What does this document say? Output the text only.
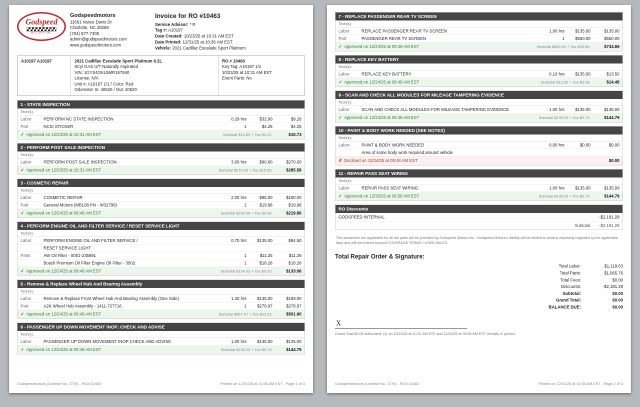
Godspeed
MOTORS INC
Godspeedmotors
11661 Vance Davis Dr
Charlotte, NC 28269
(704) 877-7300
admin@godspeedmotors.com
www.godspeedmotors.com
Invoice for RO #10463
Service Advisor: * R
Tag #: A10197
Date Created: 10/23/25 at 10:31 AM EST
Date Printed: 12/31/25 at 10:36 AM EST
Vehicle: 2021 Cadillac Escalade Sport Platinum
A10197 A10197	2021 Cadillac Escalade Sport Platinum 6.2L
8Cyl GAS U/T Naturally Aspirated
VIN: 1GYS4GKL5MR167940
License: N/A
Unit #: A10197 1/1 / Color: Red
Odometer In: 40620 / Out: 40620
RO # 10463
Key Tag: A10197 1/1
10/23/25 at 10:31 AM EST
Event Parts: No
1 - STATE INSPECTION
Tech(s):
Labor	PERFORM NC STATE INSPECTION	0.29 hrs	$32.00	$9.28
Part	NCSI STICKER	1	$4.25	$4.25
✓ Approved on 12/23/25 at 10:31 AM EST	Subtotal $13.53 + Tax $2.20	$15.73
2 - PERFORM POST SALE INSPECTION
Tech(s):
Labor	PERFORM POST SALE INSPECTION	3.00 hrs	$90.00	$270.00
✓ Approved on 12/23/25 at 10:31 AM EST	Subtotal $270.00 + Tax $15.58	$285.58
3 - COSMETIC REPAIR
Tech(s):
Labor	COSMETIC REPAIR	2.00 hrs	$95.00	$190.00
Part	General Motors (MBL08 PN - W32790)	1	$19.98	$19.98
✓ Approved on 12/24/25 at 09:48 AM EST	Subtotal $209.98 + Tax $9.88	$219.86
4 - PERFORM ENGINE OIL AND FILTER SERVICE / RESET SERVICE LIGHT
Tech(s):
Labor	PERFORM ENGINE OIL AND FILTER SERVICE /	0.70 hrs	$135.00	$94.50
RESET SERVICE LIGHT
Parts	AW Oil Filter - 5001-235691	1	$11.25	$11.25
Bosch Premium Oil Filter Engine Oil Filter - 3502	1	$18.28	$18.28
✓ Approved on 12/24/25 at 09:48 AM EST	Subtotal $124.03 + Tax $9.03	$133.06
5 - Remove & Replace Wheel Hub And Bearing Assembly
Tech(s):
Labor	Remove & Replace Front Wheel Hub And Bearing Assembly (One Side)	1.40 hrs	$135.00	$189.00
Part	A2K Wheel Hub Assembly - 1411-727716	1	$278.97	$278.97
✓ Approved on 12/24/25 at 09:48 AM EST	Subtotal $467.97 + Tax $33.93	$501.90
6 - PASSENGER UP DOWN MOVEMENT INOP; CHECK AND ADVISE
Tech(s):
Labor	PASSENGER UP DOWN MOVEMENT INOP;CHECK AND ADVISE	1.00 hrs	$135.00	$135.00
✓ Approved on 12/24/25 at 09:48 AM EST	Subtotal $135.00 + Tax $9.79	$144.79
Godspeedmotors (License No. 7276) - RO# 10463	Printed on 12/31/25 at 10:36 AM EST - Page 1 of 3
7 - REPLACE PASSENGER REAR TV SCREEN
Tech(s):
Labor	REPLACE PASSENGER REAR TV SCREEN	1.00 hrs	$135.00	$135.00
Part	PASSENGER REAR TV SCREEN	1	$550.00	$550.00
✓ Approved on 12/24/25 at 09:48 AM EST	Subtotal $685.00 + Tax $49.65	$734.65
8 - REPLACE KEY BATTERY
Tech(s):
Labor	REPLACE KEY BATTERY	0.10 hrs	$135.00	$13.50
✓ Approved on 12/24/25 at 09:48 AM EST	Subtotal $13.50 + Tax $0.98	$14.48
9 - SCAN AND CHECK ALL MODULES FOR MILEAGE TAMPERING EVIDENCE
Tech(s):
Labor	SCAN AND CHECK ALL MODULES FOR MILEAGE TAMPERING EVIDENCE	1.00 hrs	$135.00	$135.00
✓ Approved on 12/24/25 at 09:48 AM EST	Subtotal $135.00 + Tax $9.79	$144.79
10 - PAINT & BODY WORK NEEDED (SEE NOTES)
Tech(s):
Labor	PAINT & BODY WORK NEEDED	0.00 hrs	$0.00	$0.00
Area of some body work required around vehicle
✗ Declined on 12/24/25 at 09:48 AM EST	$0.00
11 - REPAIR PASS SEAT WIRING
Tech(s):
Labor	REPAIR PASS SEAT WIRING	1.00 hrs	$135.00	$135.00
✓ Approved on 12/30/25 at 09:58 AM EST	Subtotal $135.00 + Tax $9.79	$144.79
RO Discounts
GODSPEED INTERNAL	-$2,181.29
Subtotal -$2,181.29
The warranties are applicable for all the parts will be provided by Godspeed Motors Inc.. Godspeed Motors's liability will be limited to what is expressly regarded by the applicable laws and will not extend beyond COVERAGE TERMS / USED SALES.
Total Repair Order & Signature:
Total Labor:	$1,119.63
Total Parts:	$1,065.76
Total Fees:	$0.00
Discounts:	-$2,181.29
Subtotal:	$0.00
Grand Total:	$0.00
BALANCE DUE:	$0.00
X
Grand Total $0.00 authorized: (s) on 10/23/25 at 10:31 AM EST and 12/30/25 at 09:58 AM EST verbally in person.
Godspeedmotors (License No. 7276) - RO# 10463	Printed on 12/31/25 at 10:36 AM EST - Page 2 of 3
